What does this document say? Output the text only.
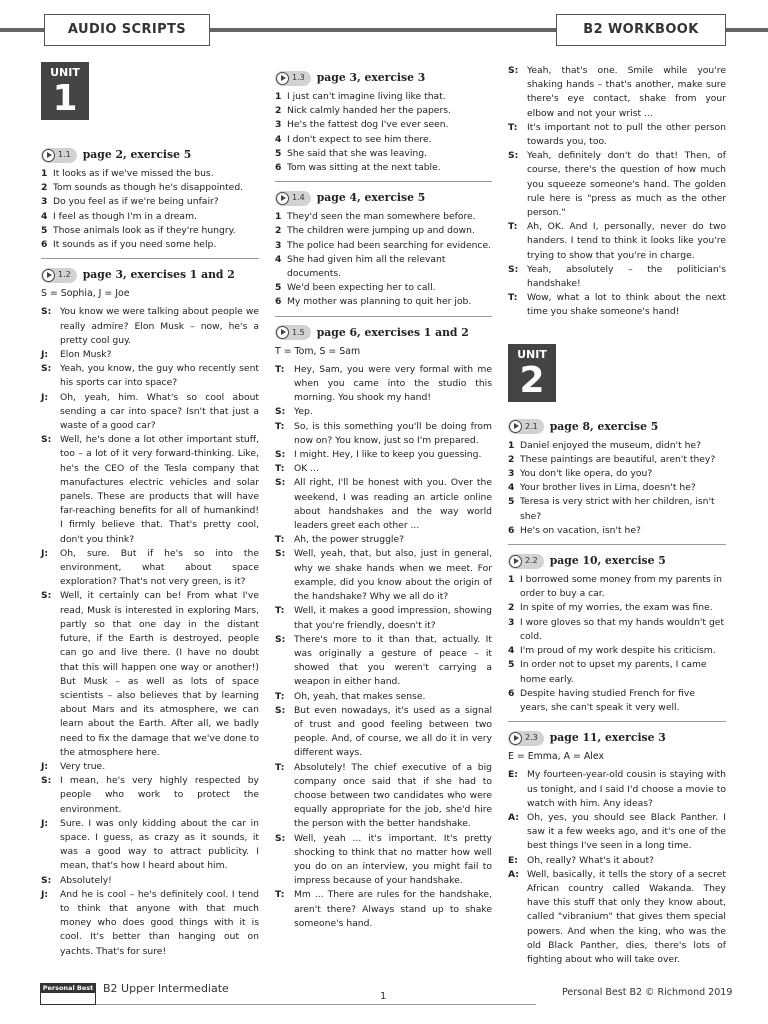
AUDIO SCRIPTS	B2 WORKBOOK
UNIT
1
1.1 page 2, exercise 5
1 It looks as if we've missed the bus.
2 Tom sounds as though he's disappointed.
3 Do you feel as if we're being unfair?
4 I feel as though I'm in a dream.
5 Those animals look as if they're hungry.
6 It sounds as if you need some help.
1.2 page 3, exercises 1 and 2
S = Sophia, J = Joe
S: You know we were talking about people we really admire? Elon Musk – now, he's a pretty cool guy.
J:	Elon Musk?
S: Yeah, you know, the guy who recently sent his sports car into space?
J:	Oh, yeah, him. What's so cool about sending a car into space? Isn't that just a waste of a good car?
S: Well, he's done a lot other important stuff, too – a lot of it very forward-thinking. Like, he's the CEO of the Tesla company that manufactures electric vehicles and solar panels. These are products that will have far-reaching benefits for all of humankind! I firmly believe that. That's pretty cool, don't you think?
J:	Oh, sure. But if he's so into the environment, what about space exploration? That's not very green, is it?
S: Well, it certainly can be! From what I've read, Musk is interested in exploring Mars, partly so that one day in the distant future, if the Earth is destroyed, people can go and live there. (I have no doubt that this will happen one way or another!) But Musk – as well as lots of space scientists – also believes that by learning about Mars and its atmosphere, we can learn about the Earth. After all, we badly need to fix the damage that we've done to the atmosphere here.
J:	Very true.
S: I mean, he's very highly respected by people who work to protect the environment.
J:	Sure. I was only kidding about the car in space. I guess, as crazy as it sounds, it was a good way to attract publicity. I mean, that's how I heard about him.
S: Absolutely!
J:	And he is cool – he's definitely cool. I tend to think that anyone with that much money who does good things with it is cool. It's better than hanging out on yachts. That's for sure!
1.3 page 3, exercise 3
1 I just can't imagine living like that.
2 Nick calmly handed her the papers.
3 He's the fattest dog I've ever seen.
4 I don't expect to see him there.
5 She said that she was leaving.
6 Tom was sitting at the next table.
1.4 page 4, exercise 5
1 They'd seen the man somewhere before.
2 The children were jumping up and down.
3 The police had been searching for evidence.
4 She had given him all the relevant documents.
5 We'd been expecting her to call.
6 My mother was planning to quit her job.
1.5 page 6, exercises 1 and 2
T = Tom, S = Sam
T:	Hey, Sam, you were very formal with me when you came into the studio this morning. You shook my hand!
S: Yep.
T:	So, is this something you'll be doing from now on? You know, just so I'm prepared.
S: I might. Hey, I like to keep you guessing.
T:	OK ...
S: All right, I'll be honest with you. Over the weekend, I was reading an article online about handshakes and the way world leaders greet each other ...
T:	Ah, the power struggle?
S: Well, yeah, that, but also, just in general, why we shake hands when we meet. For example, did you know about the origin of the handshake? Why we all do it?
T:	Well, it makes a good impression, showing that you're friendly, doesn't it?
S: There's more to it than that, actually. It was originally a gesture of peace – it showed that you weren't carrying a weapon in either hand.
T:	Oh, yeah, that makes sense.
S: But even nowadays, it's used as a signal of trust and good feeling between two people. And, of course, we all do it in very different ways.
T:	Absolutely! The chief executive of a big company once said that if she had to choose between two candidates who were equally appropriate for the job, she'd hire the person with the better handshake.
S: Well, yeah ... it's important. It's pretty shocking to think that no matter how well you do on an interview, you might fail to impress because of your handshake.
T:	Mm ... There are rules for the handshake, aren't there? Always stand up to shake someone's hand.
S: Yeah, that's one. Smile while you're shaking hands – that's another, make sure there's eye contact, shake from your elbow and not your wrist ...
T:	It's important not to pull the other person towards you, too.
S: Yeah, definitely don't do that! Then, of course, there's the question of how much you squeeze someone's hand. The golden rule here is "press as much as the other person."
T:	Ah, OK. And I, personally, never do two handers. I tend to think it looks like you're trying to show that you're in charge.
S: Yeah, absolutely – the politician's handshake!
T:	Wow, what a lot to think about the next time you shake someone's hand!
UNIT
2
2.1 page 8, exercise 5
1 Daniel enjoyed the museum, didn't he?
2 These paintings are beautiful, aren't they?
3 You don't like opera, do you?
4 Your brother lives in Lima, doesn't he?
5 Teresa is very strict with her children, isn't she?
6 He's on vacation, isn't he?
2.2 page 10, exercise 5
1 I borrowed some money from my parents in order to buy a car.
2 In spite of my worries, the exam was fine.
3 I wore gloves so that my hands wouldn't get cold.
4 I'm proud of my work despite his criticism.
5 In order not to upset my parents, I came home early.
6 Despite having studied French for five years, she can't speak it very well.
2.3 page 11, exercise 3
E = Emma, A = Alex
E: My fourteen-year-old cousin is staying with us tonight, and I said I'd choose a movie to watch with him. Any ideas?
A: Oh, yes, you should see Black Panther. I saw it a few weeks ago, and it's one of the best things I've seen in a long time.
E: Oh, really? What's it about?
A: Well, basically, it tells the story of a secret African country called Wakanda. They have this stuff that only they know about, called "vibranium" that gives them special powers. And when the king, who was the old Black Panther, dies, there's lots of fighting about who will take over.
Personal Best B2 Upper Intermediate
1	Personal Best B2 © Richmond 2019
